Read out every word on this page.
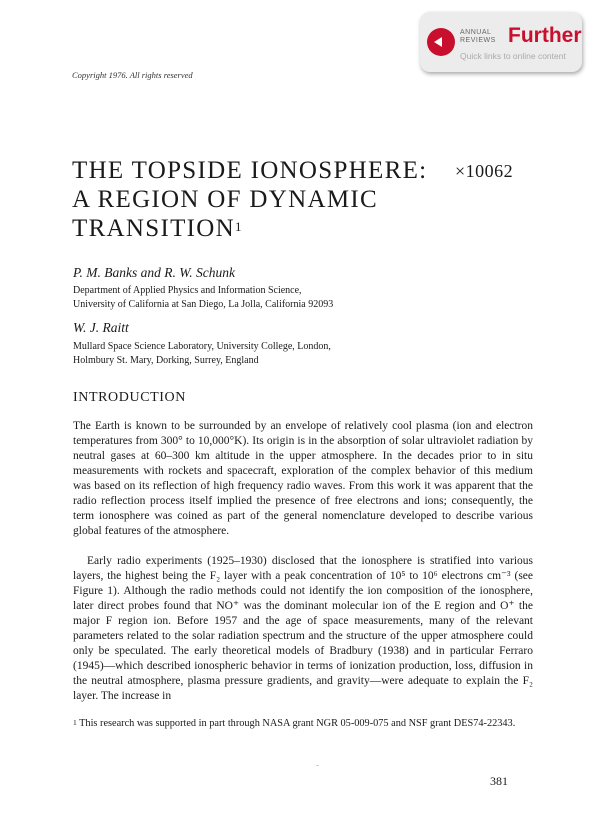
ANNUAL
REVIEWS Further
Quick links to online content
Copyright 1976. All rights reserved
THE TOPSIDE IONOSPHERE:
A REGION OF DYNAMIC
$TRANSITION^1$
×10062
P. M. Banks and R. W. Schunk
Department of Applied Physics and Information Science,
University of California at San Diego, La Jolla, California 92093
W. J. Raitt
Mullard Space Science Laboratory, University College, London,
Holmbury St. Mary, Dorking, Surrey, England
INTRODUCTION

The Earth is known to be surrounded by an envelope of relatively cool plasma (ion and electron temperatures from 300° to 10,000°K). Its origin is in the absorption of solar ultraviolet radiation by neutral gases at 60–300 km altitude in the upper atmosphere. In the decades prior to in situ measurements with rockets and spacecraft, exploration of the complex behavior of this medium was based on its reflection of high frequency radio waves. From this work it was apparent that the radio reflection process itself implied the presence of free electrons and ions; consequently, the term ionosphere was coined as part of the general nomenclature developed to describe various global features of the atmosphere.

Early radio experiments (1925–1930) disclosed that the ionosphere is stratified into various layers, the highest being the F₂ layer with a peak concentration of 10⁵ to 10⁶ electrons cm⁻³ (see Figure 1). Although the radio methods could not identify the ion composition of the ionosphere, later direct probes found that NO⁺ was the dominant molecular ion of the E region and O⁺ the major F region ion. Before 1957 and the age of space measurements, many of the relevant parameters related to the solar radiation spectrum and the structure of the upper atmosphere could only be speculated. The early theoretical models of Bradbury (1938) and in particular Ferraro (1945)—which described ionospheric behavior in terms of ionization production, loss, diffusion in the neutral atmosphere, plasma pressure gradients, and gravity—were adequate to explain the F₂ layer. The increase in

$^1$ This research was supported in part through NASA grant NGR 05-009-075 and NSF grant DES74-22343.

381
